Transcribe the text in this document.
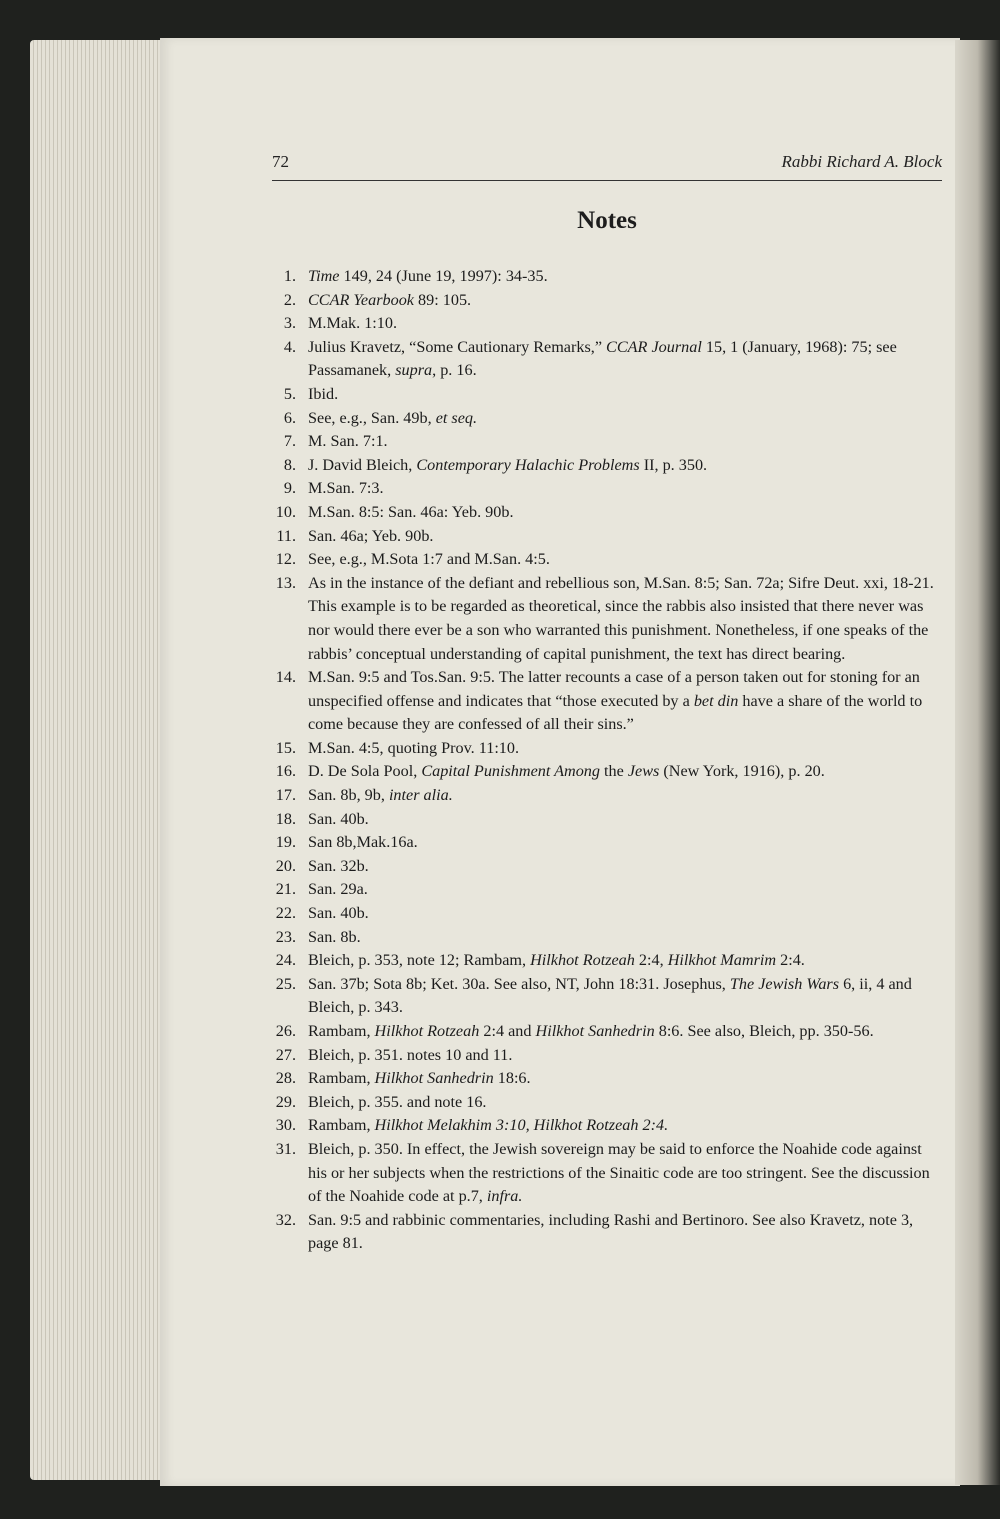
72	Rabbi Richard A. Block
Notes
1. Time 149, 24 (June 19, 1997): 34-35.
2. CCAR Yearbook 89: 105.
3. M.Mak. 1:10.
4. Julius Kravetz, “Some Cautionary Remarks,” CCAR Journal 15, 1 (January, 1968): 75; see Passamanek, supra, p. 16.
5. Ibid.
6. See, e.g., San. 49b, et seq.
7. M. San. 7:1.
8. J. David Bleich, Contemporary Halachic Problems II, p. 350.
9. M.San. 7:3.
10. M.San. 8:5: San. 46a: Yeb. 90b.
11. San. 46a; Yeb. 90b.
12. See, e.g., M.Sota 1:7 and M.San. 4:5.
13. As in the instance of the defiant and rebellious son, M.San. 8:5; San. 72a; Sifre Deut. xxi, 18-21. This example is to be regarded as theoretical, since the rabbis also insisted that there never was nor would there ever be a son who warranted this punishment. Nonetheless, if one speaks of the rabbis’ conceptual understanding of capital punishment, the text has direct bearing.
14. M.San. 9:5 and Tos.San. 9:5. The latter recounts a case of a person taken out for stoning for an unspecified offense and indicates that “those executed by a bet din have a share of the world to come because they are confessed of all their sins.”
15. M.San. 4:5, quoting Prov. 11:10.
16. D. De Sola Pool, Capital Punishment Among the Jews (New York, 1916), p. 20.
17. San. 8b, 9b, inter alia.
18. San. 40b.
19. San 8b,Mak.16a.
20. San. 32b.
21. San. 29a.
22. San. 40b.
23. San. 8b.
24. Bleich, p. 353, note 12; Rambam, Hilkhot Rotzeah 2:4, Hilkhot Mamrim 2:4.
25. San. 37b; Sota 8b; Ket. 30a. See also, NT, John 18:31. Josephus, The Jewish Wars 6, ii, 4 and Bleich, p. 343.
26. Rambam, Hilkhot Rotzeah 2:4 and Hilkhot Sanhedrin 8:6. See also, Bleich, pp. 350-56.
27. Bleich, p. 351. notes 10 and 11.
28. Rambam, Hilkhot Sanhedrin 18:6.
29. Bleich, p. 355. and note 16.
30. Rambam, Hilkhot Melakhim 3:10, Hilkhot Rotzeah 2:4.
31. Bleich, p. 350. In effect, the Jewish sovereign may be said to enforce the Noahide code against his or her subjects when the restrictions of the Sinaitic code are too stringent. See the discussion of the Noahide code at p.7, infra.
32. San. 9:5 and rabbinic commentaries, including Rashi and Bertinoro. See also Kravetz, note 3, page 81.
